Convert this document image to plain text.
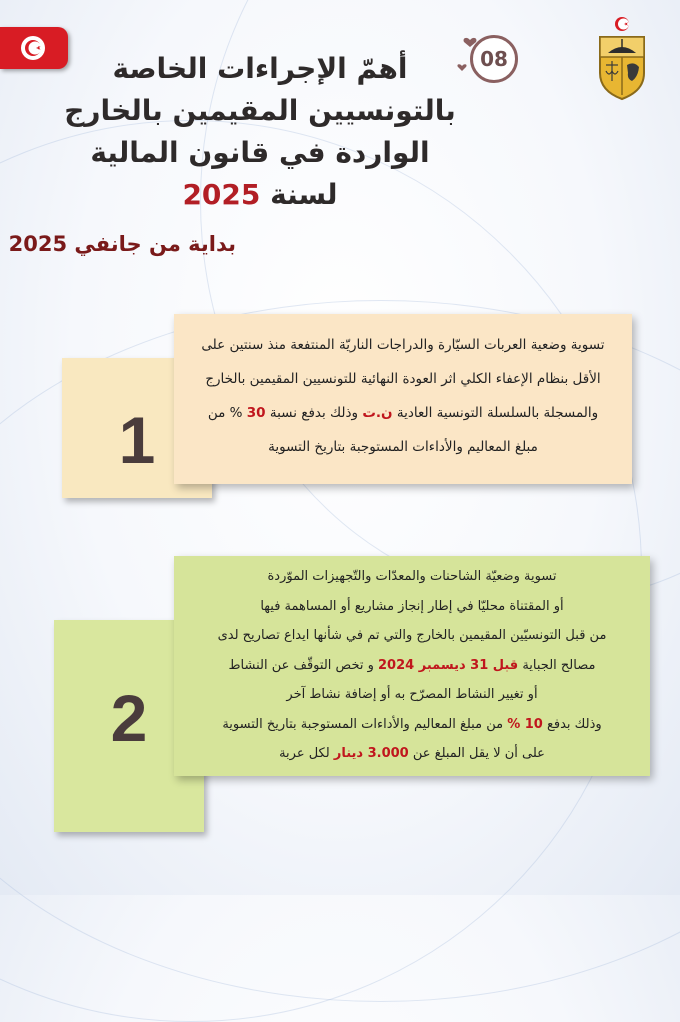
08

أهمّ الإجراءات الخاصة

بالتونسيين المقيمين بالخارج

الواردة في قانون المالية

لسنة 2025

بداية من جانفي 2025
1

تسوية وضعية العربات السيّارة والدراجات الناريّة المنتفعة منذ سنتين على

الأقل بنظام الإعفاء الكلي اثر العودة النهائية للتونسيين المقيمين بالخارج

والمسجلة بالسلسلة التونسية العادية ن.ت وذلك بدفع نسبة 30 % من

مبلغ المعاليم والأداءات المستوجبة بتاريخ التسوية

2

تسوية وضعيّة الشاحنات والمعدّات والتّجهيزات الموّردة

أو المقتناة محليّا في إطار إنجاز مشاريع أو المساهمة فيها

من قبل التونسيّين المقيمين بالخارج والتي تم في شأنها ايداع تصاريح لدى

مصالح الجباية قبل 31 ديسمبر 2024 و تخص التوقّف عن النشاط

أو تغيير النشاط المصرّح به أو إضافة نشاط آخر

وذلك بدفع 10 % من مبلغ المعاليم والأداءات المستوجبة بتاريخ التسوية

على أن لا يقل المبلغ عن 3.000 دينار لكل عربة
